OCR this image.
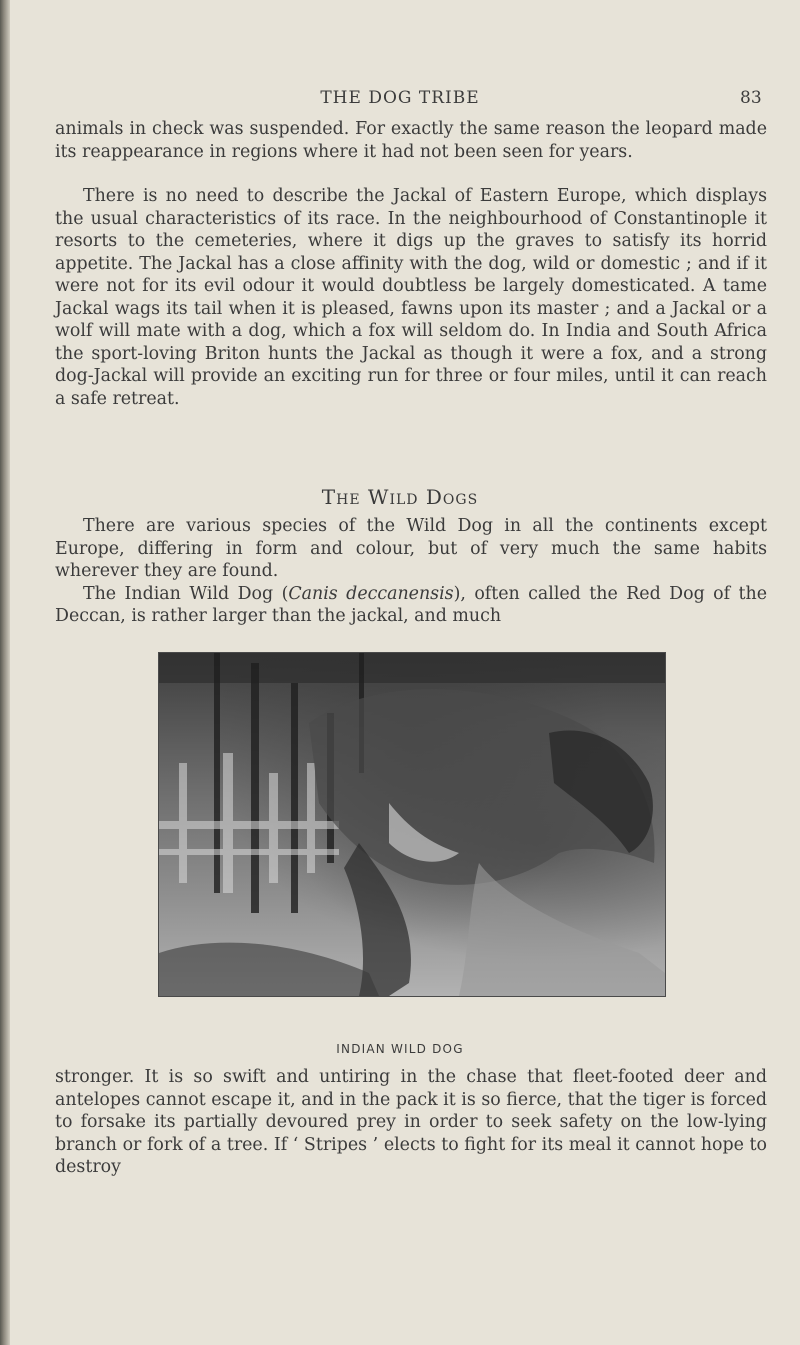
THE DOG TRIBE	83

animals in check was suspended. For exactly the same reason the leopard made its reappearance in regions where it had not been seen for years.

There is no need to describe the Jackal of Eastern Europe, which displays the usual characteristics of its race. In the neighbourhood of Constantinople it resorts to the cemeteries, where it digs up the graves to satisfy its horrid appetite. The Jackal has a close affinity with the dog, wild or domestic ; and if it were not for its evil odour it would doubtless be largely domesticated. A tame Jackal wags its tail when it is pleased, fawns upon its master ; and a Jackal or a wolf will mate with a dog, which a fox will seldom do. In India and South Africa the sport-loving Briton hunts the Jackal as though it were a fox, and a strong dog-Jackal will provide an exciting run for three or four miles, until it can reach a safe retreat.

The Wild Dogs

There are various species of the Wild Dog in all the continents except Europe, differing in form and colour, but of very much the same habits wherever they are found.

The Indian Wild Dog (Canis deccanensis), often called the Red Dog of the Deccan, is rather larger than the jackal, and much

INDIAN WILD DOG

stronger. It is so swift and untiring in the chase that fleet-footed deer and antelopes cannot escape it, and in the pack it is so fierce, that the tiger is forced to forsake its partially devoured prey in order to seek safety on the low-lying branch or fork of a tree. If ‘ Stripes ’ elects to fight for its meal it cannot hope to destroy
